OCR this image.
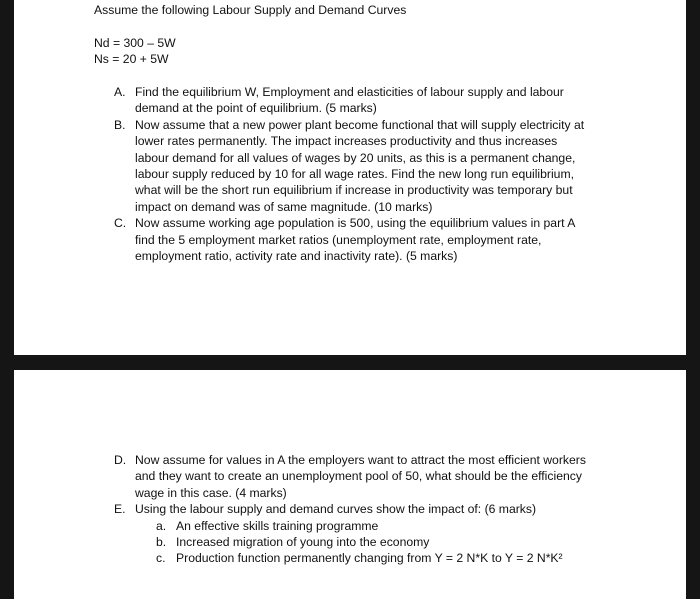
Assume the following Labour Supply and Demand Curves
Nd = 300 – 5W
Ns = 20 + 5W
A. Find the equilibrium W, Employment and elasticities of labour supply and labour
demand at the point of equilibrium. (5 marks)
B. Now assume that a new power plant become functional that will supply electricity at
lower rates permanently. The impact increases productivity and thus increases
labour demand for all values of wages by 20 units, as this is a permanent change,
labour supply reduced by 10 for all wage rates. Find the new long run equilibrium,
what will be the short run equilibrium if increase in productivity was temporary but
impact on demand was of same magnitude. (10 marks)
C. Now assume working age population is 500, using the equilibrium values in part A
find the 5 employment market ratios (unemployment rate, employment rate,
employment ratio, activity rate and inactivity rate). (5 marks)
D. Now assume for values in A the employers want to attract the most efficient workers
and they want to create an unemployment pool of 50, what should be the efficiency
wage in this case. (4 marks)
E. Using the labour supply and demand curves show the impact of: (6 marks)
a. An effective skills training programme
b. Increased migration of young into the economy
c. Production function permanently changing from Y = 2 N*K to Y = 2 N*K²
